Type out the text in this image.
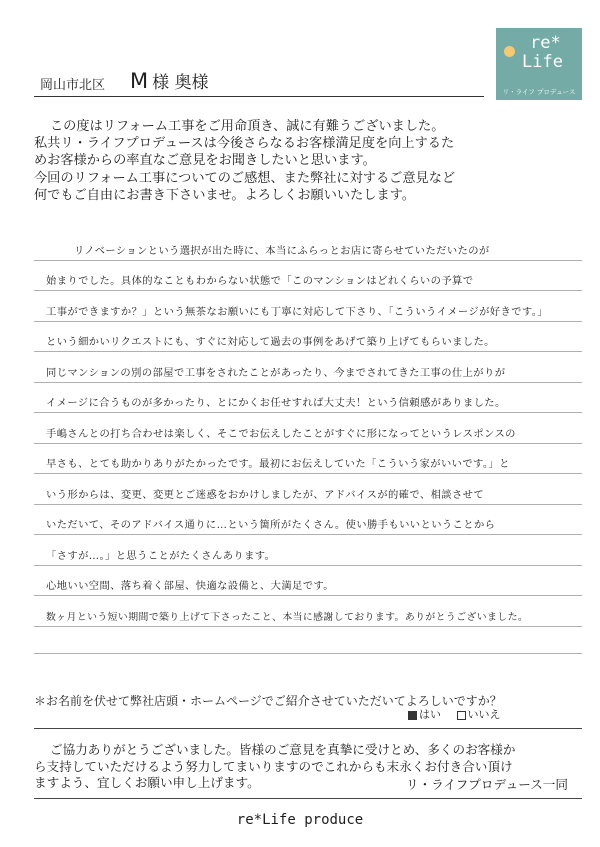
re*
Life
リ・ライフ プロデュース
岡山市北区 M 様 奥様

この度はリフォーム工事をご用命頂き、誠に有難うございました。

私共リ・ライフプロデュースは今後さらなるお客様満足度を向上するた

めお客様からの率直なご意見をお聞きしたいと思います。

今回のリフォーム工事についてのご感想、また弊社に対するご意見など

何でもご自由にお書き下さいませ。よろしくお願いいたします。

リノベーションという選択が出た時に、本当にふらっとお店に寄らせていただいたのが
始まりでした。具体的なこともわからない状態で「このマンションはどれくらいの予算で
工事ができますか？」という無茶なお願いにも丁寧に対応して下さり、「こういうイメージが好きです。」
という細かいリクエストにも、すぐに対応して過去の事例をあげて築り上げてもらいました。
同じマンションの別の部屋で工事をされたことがあったり、今までされてきた工事の仕上がりが
イメージに合うものが多かったり、とにかくお任せすれば大丈夫！という信頼感がありました。
手嶋さんとの打ち合わせは楽しく、そこでお伝えしたことがすぐに形になってというレスポンスの
早さも、とても助かりありがたかったです。最初にお伝えしていた「こういう家がいいです。」と
いう形からは、変更、変更とご迷惑をおかけしましたが、アドバイスが的確で、相談させて
いただいて、そのアドバイス通りに…という箇所がたくさん。使い勝手もいいということから
「さすが…。」と思うことがたくさんあります。
心地いい空間、落ち着く部屋、快適な設備と、大満足です。
数ヶ月という短い期間で築り上げて下さったこと、本当に感謝しております。ありがとうございました。
＊お名前を伏せて弊社店頭・ホームページでご紹介させていただいてよろしいですか？
はい いいえ

ご協力ありがとうございました。皆様のご意見を真摯に受けとめ、多くのお客様か

ら支持していただけるよう努力してまいりますのでこれからも末永くお付き合い頂け

ますよう、宜しくお願い申し上げます。	リ・ライフプロデュース一同
re*Life produce
